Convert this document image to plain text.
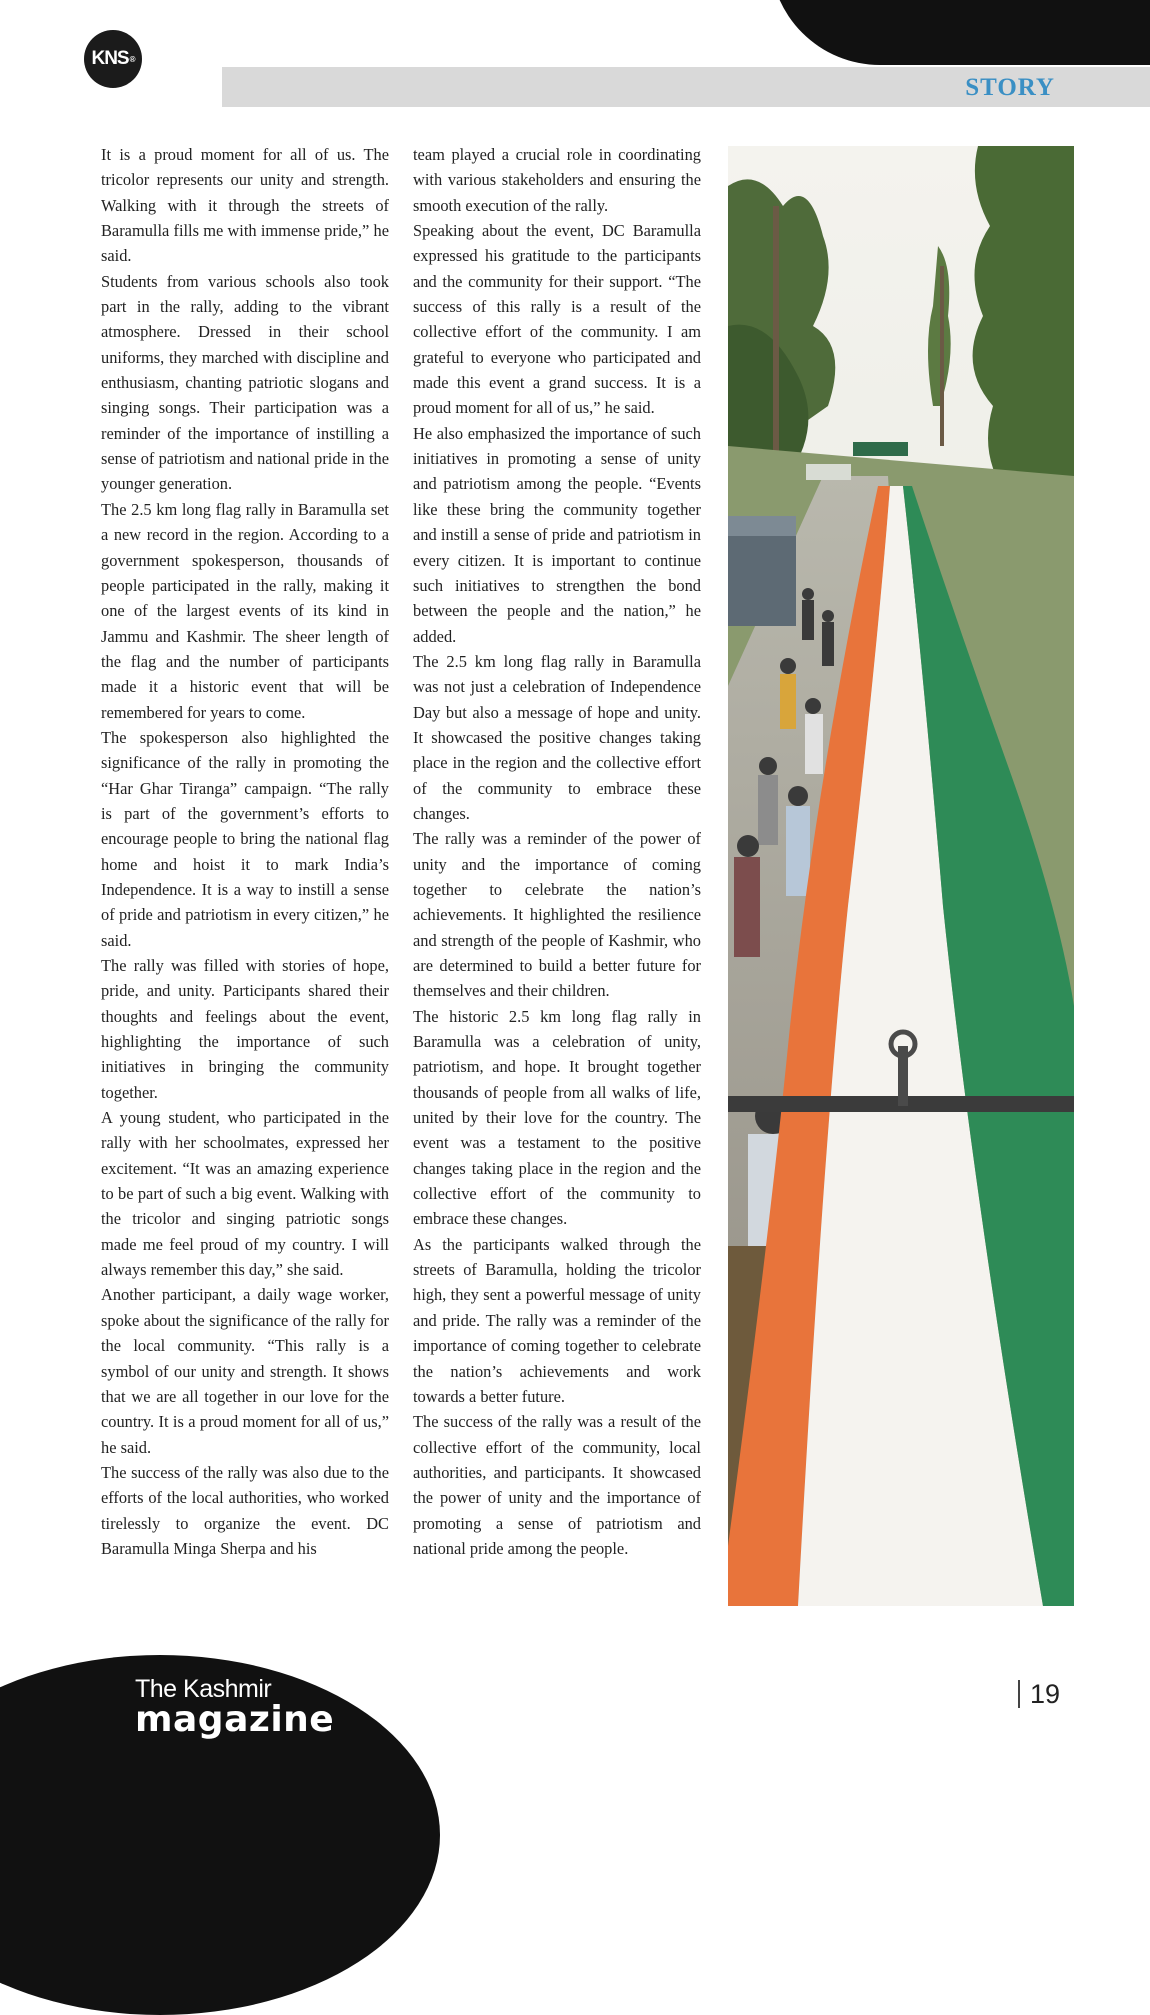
STORY
KNS ®

It is a proud moment for all of us. The tricolor represents our unity and strength. Walking with it through the streets of Baramulla fills me with immense pride,” he said.

Students from various schools also took part in the rally, adding to the vibrant atmosphere. Dressed in their school uniforms, they marched with discipline and enthusiasm, chanting patriotic slogans and singing songs. Their participation was a reminder of the importance of instilling a sense of patriotism and national pride in the younger generation.

The 2.5 km long flag rally in Baramulla set a new record in the region. According to a government spokesperson, thousands of people participated in the rally, making it one of the largest events of its kind in Jammu and Kashmir. The sheer length of the flag and the number of participants made it a historic event that will be remembered for years to come.

The spokesperson also highlighted the significance of the rally in promoting the “Har Ghar Tiranga” campaign. “The rally is part of the government’s efforts to encourage people to bring the national flag home and hoist it to mark India’s Independence. It is a way to instill a sense of pride and patriotism in every citizen,” he said.

The rally was filled with stories of hope, pride, and unity. Participants shared their thoughts and feelings about the event, highlighting the importance of such initiatives in bringing the community together.

A young student, who participated in the rally with her schoolmates, expressed her excitement. “It was an amazing experience to be part of such a big event. Walking with the tricolor and singing patriotic songs made me feel proud of my country. I will always remember this day,” she said.

Another participant, a daily wage worker, spoke about the significance of the rally for the local community. “This rally is a symbol of our unity and strength. It shows that we are all together in our love for the country. It is a proud moment for all of us,” he said.

The success of the rally was also due to the efforts of the local authorities, who worked tirelessly to organize the event. DC Baramulla Minga Sherpa and his

team played a crucial role in coordinating with various stakeholders and ensuring the smooth execution of the rally.

Speaking about the event, DC Baramulla expressed his gratitude to the participants and the community for their support. “The success of this rally is a result of the collective effort of the community. I am grateful to everyone who participated and made this event a grand success. It is a proud moment for all of us,” he said.

He also emphasized the importance of such initiatives in promoting a sense of unity and patriotism among the people. “Events like these bring the community together and instill a sense of pride and patriotism in every citizen. It is important to continue such initiatives to strengthen the bond between the people and the nation,” he added.

The 2.5 km long flag rally in Baramulla was not just a celebration of Independence Day but also a message of hope and unity. It showcased the positive changes taking place in the region and the collective effort of the community to embrace these changes.

The rally was a reminder of the power of unity and the importance of coming together to celebrate the nation’s achievements. It highlighted the resilience and strength of the people of Kashmir, who are determined to build a better future for themselves and their children.

The historic 2.5 km long flag rally in Baramulla was a celebration of unity, patriotism, and hope. It brought together thousands of people from all walks of life, united by their love for the country. The event was a testament to the positive changes taking place in the region and the collective effort of the community to embrace these changes.

As the participants walked through the streets of Baramulla, holding the tricolor high, they sent a powerful message of unity and pride. The rally was a reminder of the importance of coming together to celebrate the nation’s achievements and work towards a better future.

The success of the rally was a result of the collective effort of the community, local authorities, and participants. It showcased the power of unity and the importance of promoting a sense of patriotism and national pride among the people.

The Kashmir
magazine
19
